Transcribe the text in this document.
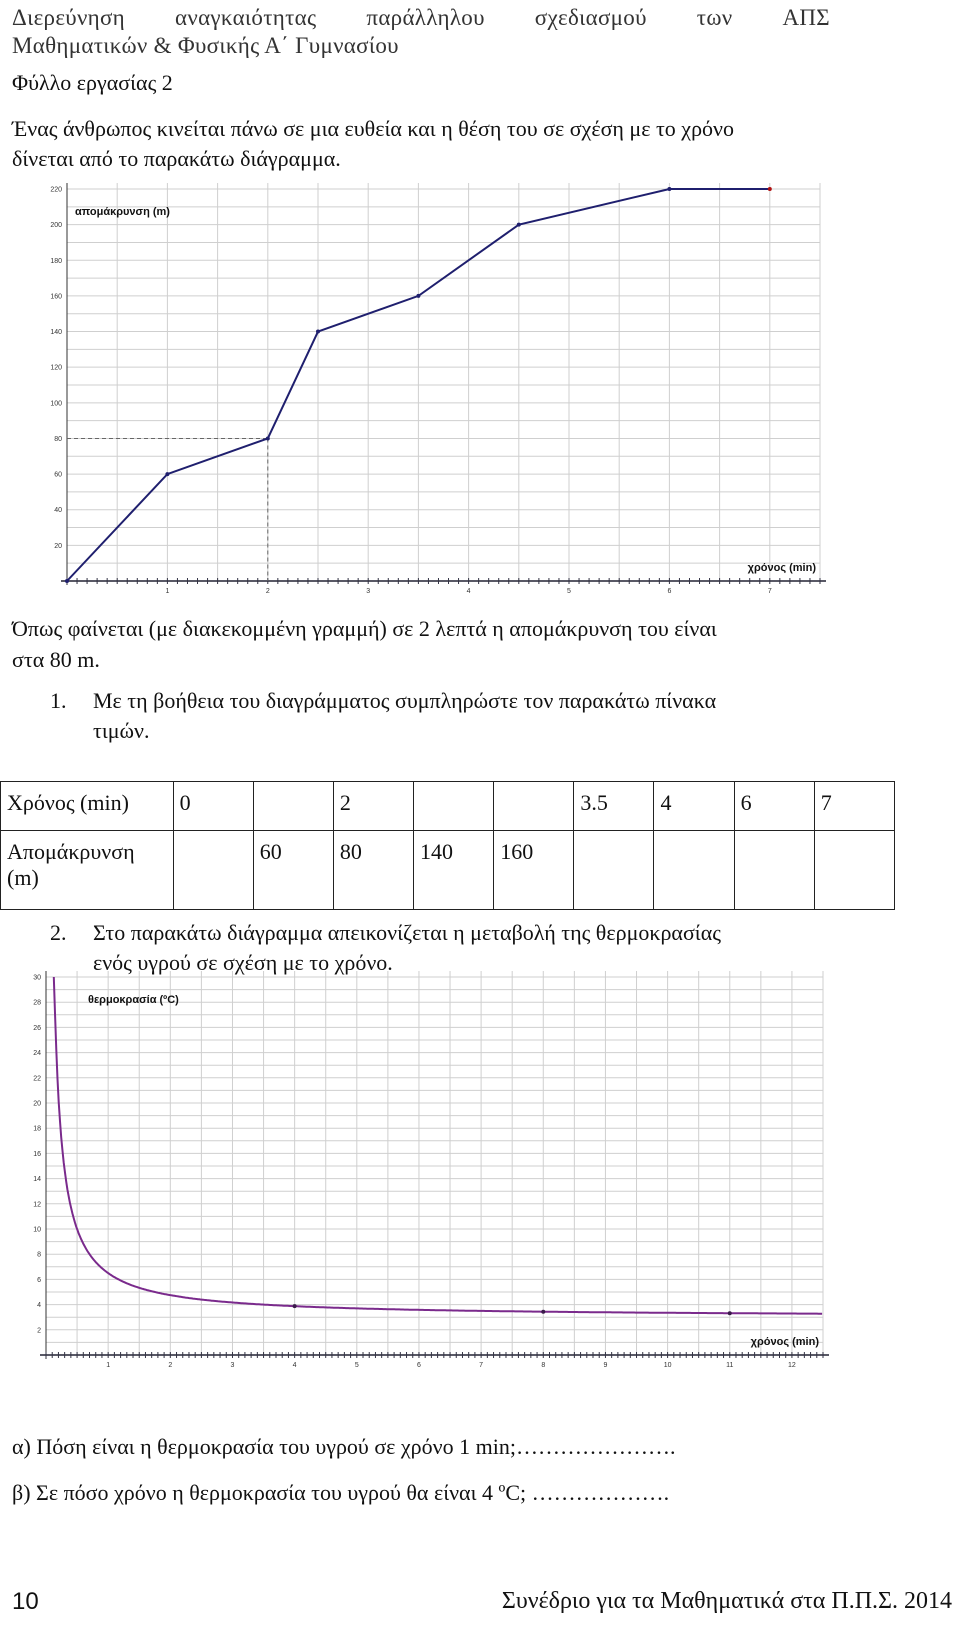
Διερεύνηση αναγκαιότητας παράλληλου σχεδιασμού των ΑΠΣ
Μαθηματικών & Φυσικής Α΄ Γυμνασίου
Φύλλο εργασίας 2
Ένας άνθρωπος κινείται πάνω σε μια ευθεία και η θέση του σε σχέση με το χρόνο
δίνεται από το παρακάτω διάγραμμα.
1	2	3	4	5	6	7
20
40
60
80
100
120
140
160
180
200
220
απομάκρυνση (m)
χρόνος (min)
Όπως φαίνεται (με διακεκομμένη γραμμή) σε 2 λεπτά η απομάκρυνση του είναι
στα 80 m.
1. Με τη βοήθεια του διαγράμματος συμπληρώστε τον παρακάτω πίνακα
τιμών.
Χρόνος (min)	0		2			3.5	4	6	7
Απομάκρυνση (m)		60	80	140	160				
2. Στο παρακάτω διάγραμμα απεικονίζεται η μεταβολή της θερμοκρασίας
ενός υγρού σε σχέση με το χρόνο.
1	2	3	4	5	6	7	8	9	10	11	12
2
4
6
8
10
12
14
16
18
20
22
24
26
28
30
θερμοκρασία (ºC)
χρόνος (min)
α) Πόση είναι η θερμοκρασία του υγρού σε χρόνο 1 min;………………….
β) Σε πόσο χρόνο η θερμοκρασία του υγρού θα είναι 4 ºC; ……………….
10	Συνέδριο για τα Μαθηματικά στα Π.Π.Σ. 2014
